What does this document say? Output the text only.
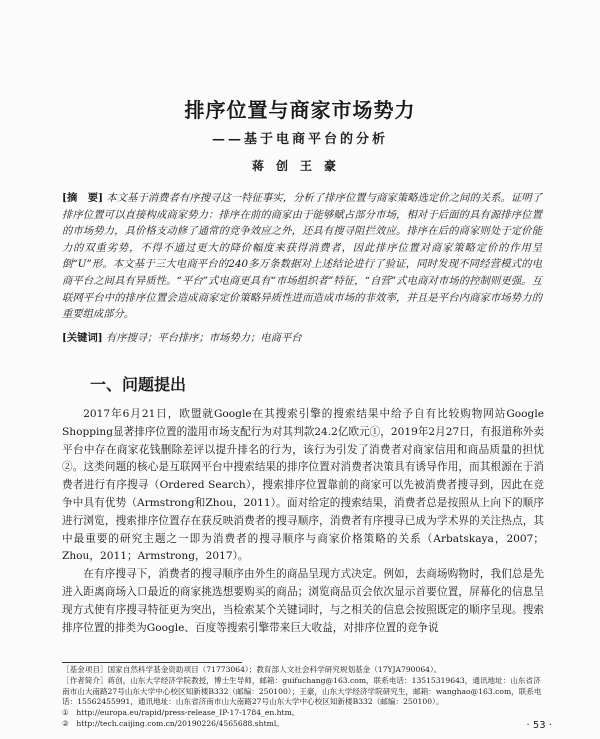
排序位置与商家市场势力
——基于电商平台的分析
蒋创王豪
[摘　要] 本文基于消费者有序搜寻这一特征事实，分析了排序位置与商家策略选定价之间的关系。证明了排序位置可以直接构成商家势力：排序在前的商家由于能够赋占部分市场，相对于后面的具有源排序位置的市场势力，具价格支动修了通常的竞争效应之外，还具有搜寻阻拦效应。排序在后的商家则处于定价能力的双重劣势，不得不通过更大的降价幅度来获得消费者，因此排序位置对商家策略定价的作用呈倒“U”形。本文基于三大电商平台的240多万条数据对上述结论进行了验证，同时发现不同经营模式的电商平台之间具有异质性。“平台”式电商更具有“市场组织者”特征，“自营”式电商对市场的控制则更强。互联网平台中的排序位置会造成商家定价策略异质性进而造成市场的非效率，并且是平台内商家市场势力的重要组成部分。
[关键词] 有序搜寻；平台排序；市场势力；电商平台
一、问题提出

2017年6月21日，欧盟就Google在其搜索引擎的搜索结果中给予自有比较购物网站Google Shopping显著排序位置的滥用市场支配行为对其判款24.2亿欧元①，2019年2月27日，有报道称外卖平台中存在商家花钱删除差评以提升排名的行为，该行为引发了消费者对商家信用和商品质量的担忧②。这类问题的核心是互联网平台中搜索结果的排序位置对消费者决策具有诱导作用，而其根源在于消费者进行有序搜寻（Ordered Search），搜索排序位置靠前的商家可以先被消费者搜寻到，因此在竞争中具有优势（Armstrong和Zhou，2011）。面对给定的搜索结果，消费者总是按照从上向下的顺序进行浏览，搜索排序位置存在获反映消费者的搜寻顺序，消费者有序搜寻已成为学术界的关注热点，其中最重要的研究主题之一即为消费者的搜寻顺序与商家价格策略的关系（Arbatskaya，2007；Zhou，2011；Armstrong，2017）。

在有序搜寻下，消费者的搜寻顺序由外生的商品呈现方式决定。例如，去商场购物时，我们总是先进入距离商场入口最近的商家挑选想要购买的商品；浏览商品页会依次显示首要位置，屏幕化的信息呈现方式使有序搜寻特征更为突出，当检索某个关键词时，与之相关的信息会按照既定的顺序呈现。搜索排序位置的排类为Google、百度等搜索引擎带来巨大收益，对排序位置的竞争说

［基金项目］国家自然科学基金资助项目（71773064）；教育部人文社会科学研究规划基金（17YJA790064）。

［作者简介］蒋创，山东大学经济学院教授，博士生导师，邮箱：guifuchang@163.com，联系电话：13515319643，通讯地址：山东省济南市山大南路27号山东大学中心校区知新楼B332（邮编：250100）；王豪，山东大学经济学院研究生，邮箱：wanghao@163.com，联系电话：15562455991，通讯地址：山东省济南市山大南路27号山东大学中心校区知新楼B332（邮编：250100）。

①　http://europa.eu/rapid/press-release_IP-17-1784_en.htm。

②　http://tech.caijing.com.cn/20190226/4565688.shtml。	· 53 ·
